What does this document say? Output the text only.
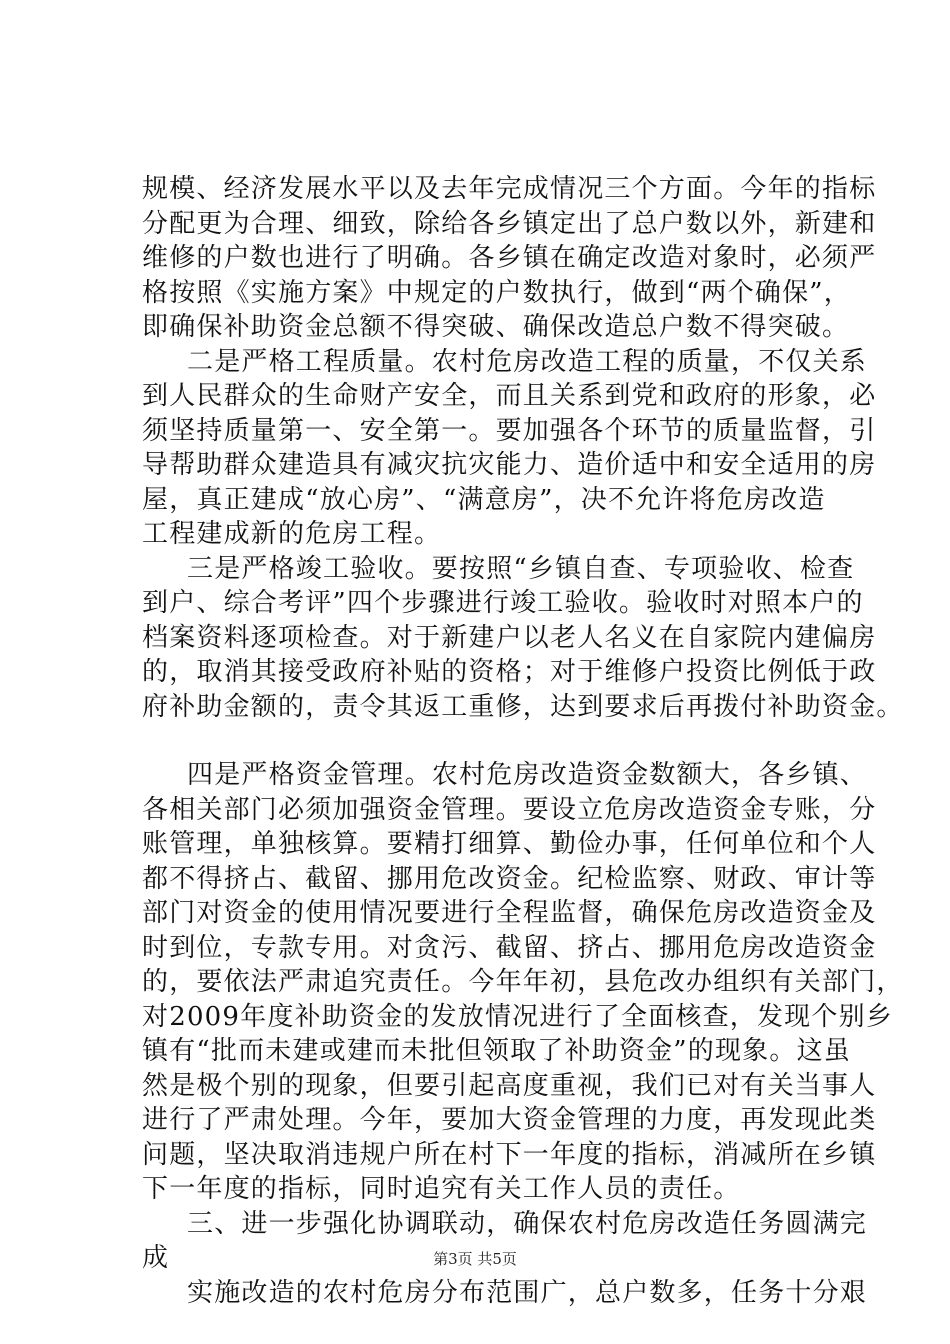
规模、经济发展水平以及去年完成情况三个方面。今年的指标
分配更为合理、细致，除给各乡镇定出了总户数以外，新建和
维修的户数也进行了明确。各乡镇在确定改造对象时，必须严
格按照《实施方案》中规定的户数执行，做到“两个确保”，
即确保补助资金总额不得突破、确保改造总户数不得突破。
二是严格工程质量。农村危房改造工程的质量，不仅关系
到人民群众的生命财产安全，而且关系到党和政府的形象，必
须坚持质量第一、安全第一。要加强各个环节的质量监督，引
导帮助群众建造具有减灾抗灾能力、造价适中和安全适用的房
屋，真正建成“放心房”、“满意房”，决不允许将危房改造
工程建成新的危房工程。
三是严格竣工验收。要按照“乡镇自查、专项验收、检查
到户、综合考评”四个步骤进行竣工验收。验收时对照本户的
档案资料逐项检查。对于新建户以老人名义在自家院内建偏房
的，取消其接受政府补贴的资格；对于维修户投资比例低于政
府补助金额的，责令其返工重修，达到要求后再拨付补助资金。
四是严格资金管理。农村危房改造资金数额大，各乡镇、
各相关部门必须加强资金管理。要设立危房改造资金专账，分
账管理，单独核算。要精打细算、勤俭办事，任何单位和个人
都不得挤占、截留、挪用危改资金。纪检监察、财政、审计等
部门对资金的使用情况要进行全程监督，确保危房改造资金及
时到位，专款专用。对贪污、截留、挤占、挪用危房改造资金
的，要依法严肃追究责任。今年年初，县危改办组织有关部门，
对2009年度补助资金的发放情况进行了全面核查，发现个别乡
镇有“批而未建或建而未批但领取了补助资金”的现象。这虽
然是极个别的现象，但要引起高度重视，我们已对有关当事人
进行了严肃处理。今年，要加大资金管理的力度，再发现此类
问题，坚决取消违规户所在村下一年度的指标，消减所在乡镇
下一年度的指标，同时追究有关工作人员的责任。
三、进一步强化协调联动，确保农村危房改造任务圆满完
成
实施改造的农村危房分布范围广，总户数多，任务十分艰
第3页 共5页
